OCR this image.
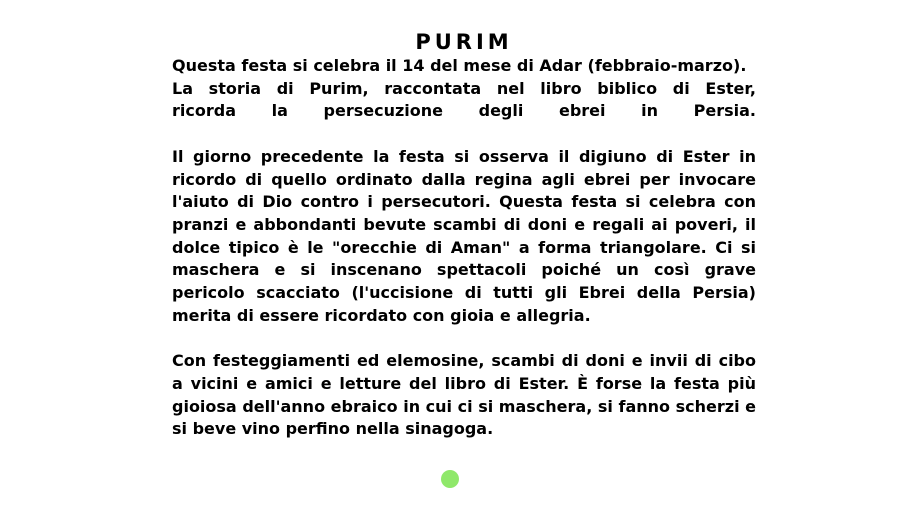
PURIM

Questa festa si celebra il 14 del mese di Adar (febbraio-marzo).

La storia di Purim, raccontata nel libro biblico di Ester,
ricorda la persecuzione degli ebrei in Persia.

Il giorno precedente la festa si osserva il digiuno di Ester in ricordo di quello ordinato dalla regina agli ebrei per invocare l'aiuto di Dio contro i persecutori. Questa festa si celebra con pranzi e abbondanti bevute scambi di doni e regali ai poveri, il dolce tipico è le "orecchie di Aman" a forma triangolare. Ci si maschera e si inscenano spettacoli poiché un così grave pericolo scacciato (l'uccisione di tutti gli Ebrei della Persia) merita di essere ricordato con gioia e allegria.

Con festeggiamenti ed elemosine, scambi di doni e invii di cibo a vicini e amici e letture del libro di Ester. È forse la festa più gioiosa dell'anno ebraico in cui ci si maschera, si fanno scherzi e si beve vino perfino nella sinagoga.
